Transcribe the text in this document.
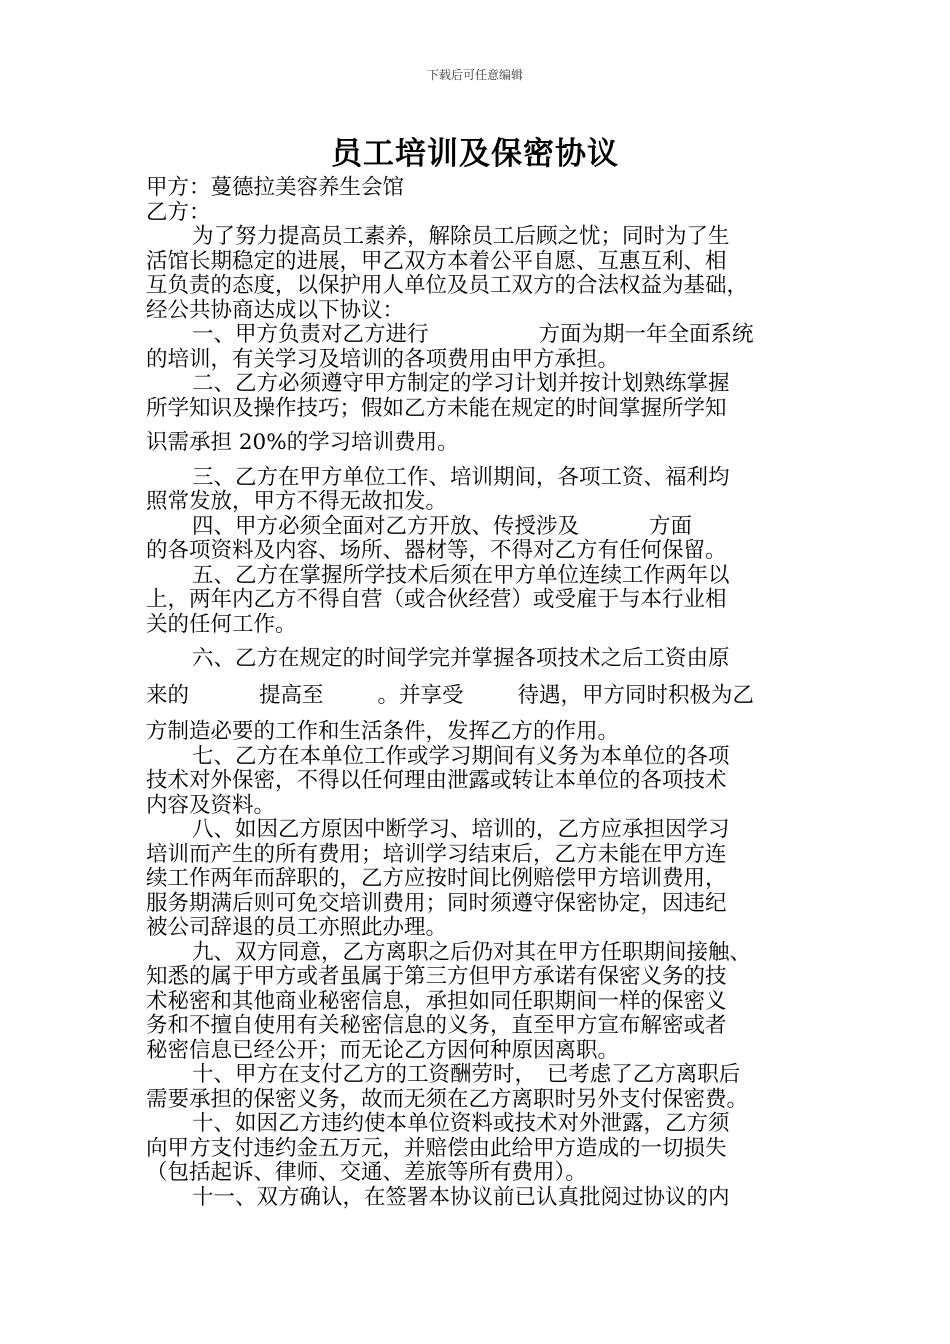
下载后可任意编辑
员工培训及保密协议
甲方：蔓德拉美容养生会馆
乙方：
为了努力提高员工素养，解除员工后顾之忧；同时为了生
活馆长期稳定的进展，甲乙双方本着公平自愿、互惠互利、相
互负责的态度，以保护用人单位及员工双方的合法权益为基础，
经公共协商达成以下协议：
一、甲方负责对乙方进行	方面为期一年全面系统
的培训，有关学习及培训的各项费用由甲方承担。
二、乙方必须遵守甲方制定的学习计划并按计划熟练掌握
所学知识及操作技巧；假如乙方未能在规定的时间掌握所学知
识需承担 20%的学习培训费用。
三、乙方在甲方单位工作、培训期间，各项工资、福利均
照常发放，甲方不得无故扣发。
四、甲方必须全面对乙方开放、传授涉及	方面
的各项资料及内容、场所、器材等，不得对乙方有任何保留。
五、乙方在掌握所学技术后须在甲方单位连续工作两年以
上，两年内乙方不得自营（或合伙经营）或受雇于与本行业相
关的任何工作。
六、乙方在规定的时间学完并掌握各项技术之后工资由原
来的	提高至	。并享受	待遇，甲方同时积极为乙
方制造必要的工作和生活条件，发挥乙方的作用。
七、乙方在本单位工作或学习期间有义务为本单位的各项
技术对外保密，不得以任何理由泄露或转让本单位的各项技术
内容及资料。
八、如因乙方原因中断学习、培训的，乙方应承担因学习
培训而产生的所有费用；培训学习结束后，乙方未能在甲方连
续工作两年而辞职的，乙方应按时间比例赔偿甲方培训费用，
服务期满后则可免交培训费用；同时须遵守保密协定，因违纪
被公司辞退的员工亦照此办理。
九、双方同意，乙方离职之后仍对其在甲方任职期间接触、
知悉的属于甲方或者虽属于第三方但甲方承诺有保密义务的技
术秘密和其他商业秘密信息，承担如同任职期间一样的保密义
务和不擅自使用有关秘密信息的义务，直至甲方宣布解密或者
秘密信息已经公开；而无论乙方因何种原因离职。
十、甲方在支付乙方的工资酬劳时，　已考虑了乙方离职后
需要承担的保密义务，故而无须在乙方离职时另外支付保密费。
十、如因乙方违约使本单位资料或技术对外泄露，乙方须
向甲方支付违约金五万元，并赔偿由此给甲方造成的一切损失
（包括起诉、律师、交通、差旅等所有费用）。
十一、双方确认，在签署本协议前已认真批阅过协议的内
